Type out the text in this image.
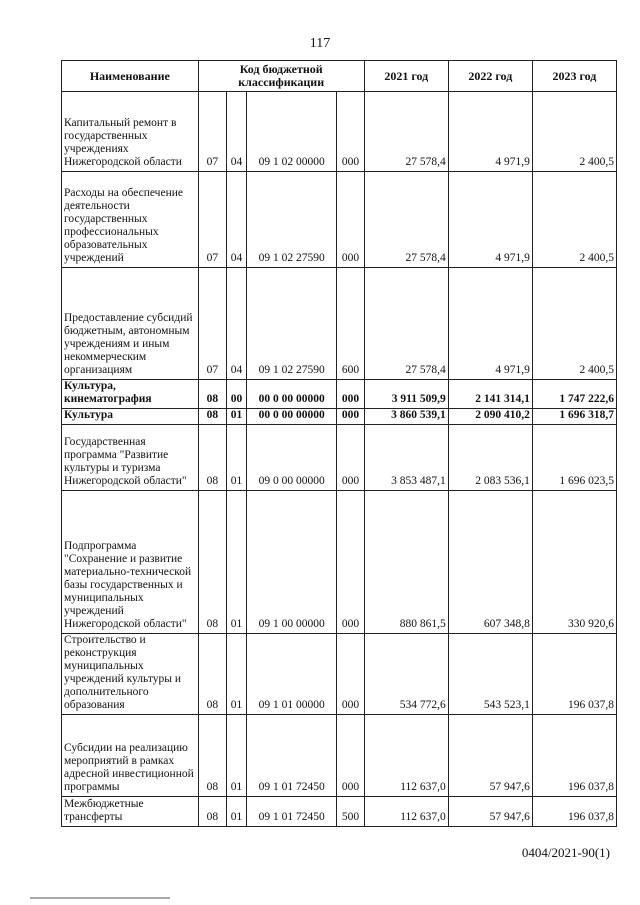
117
Наименование	Код бюджетной классификации				2021 год	2022 год	2023 год
Капитальный ремонт в государственных учреждениях Нижегородской области	07	04	09 1 02 00000	000	27 578,4	4 971,9	2 400,5
Расходы на обеспечение деятельности государственных профессиональных образовательных учреждений	07	04	09 1 02 27590	000	27 578,4	4 971,9	2 400,5
Предоставление субсидий бюджетным, автономным учреждениям и иным некоммерческим организациям	07	04	09 1 02 27590	600	27 578,4	4 971,9	2 400,5
Культура, кинематография	08	00	00 0 00 00000	000	3 911 509,9	2 141 314,1	1 747 222,6
Культура	08	01	00 0 00 00000	000	3 860 539,1	2 090 410,2	1 696 318,7
Государственная программа "Развитие культуры и туризма Нижегородской области"	08	01	09 0 00 00000	000	3 853 487,1	2 083 536,1	1 696 023,5
Подпрограмма "Сохранение и развитие материально-технической базы государственных и муниципальных учреждений Нижегородской области"	08	01	09 1 00 00000	000	880 861,5	607 348,8	330 920,6
Строительство и реконструкция муниципальных учреждений культуры и дополнительного образования	08	01	09 1 01 00000	000	534 772,6	543 523,1	196 037,8
Субсидии на реализацию мероприятий в рамках адресной инвестиционной программы	08	01	09 1 01 72450	000	112 637,0	57 947,6	196 037,8
Межбюджетные трансферты	08	01	09 1 01 72450	500	112 637,0	57 947,6	196 037,8
0404/2021-90(1)
